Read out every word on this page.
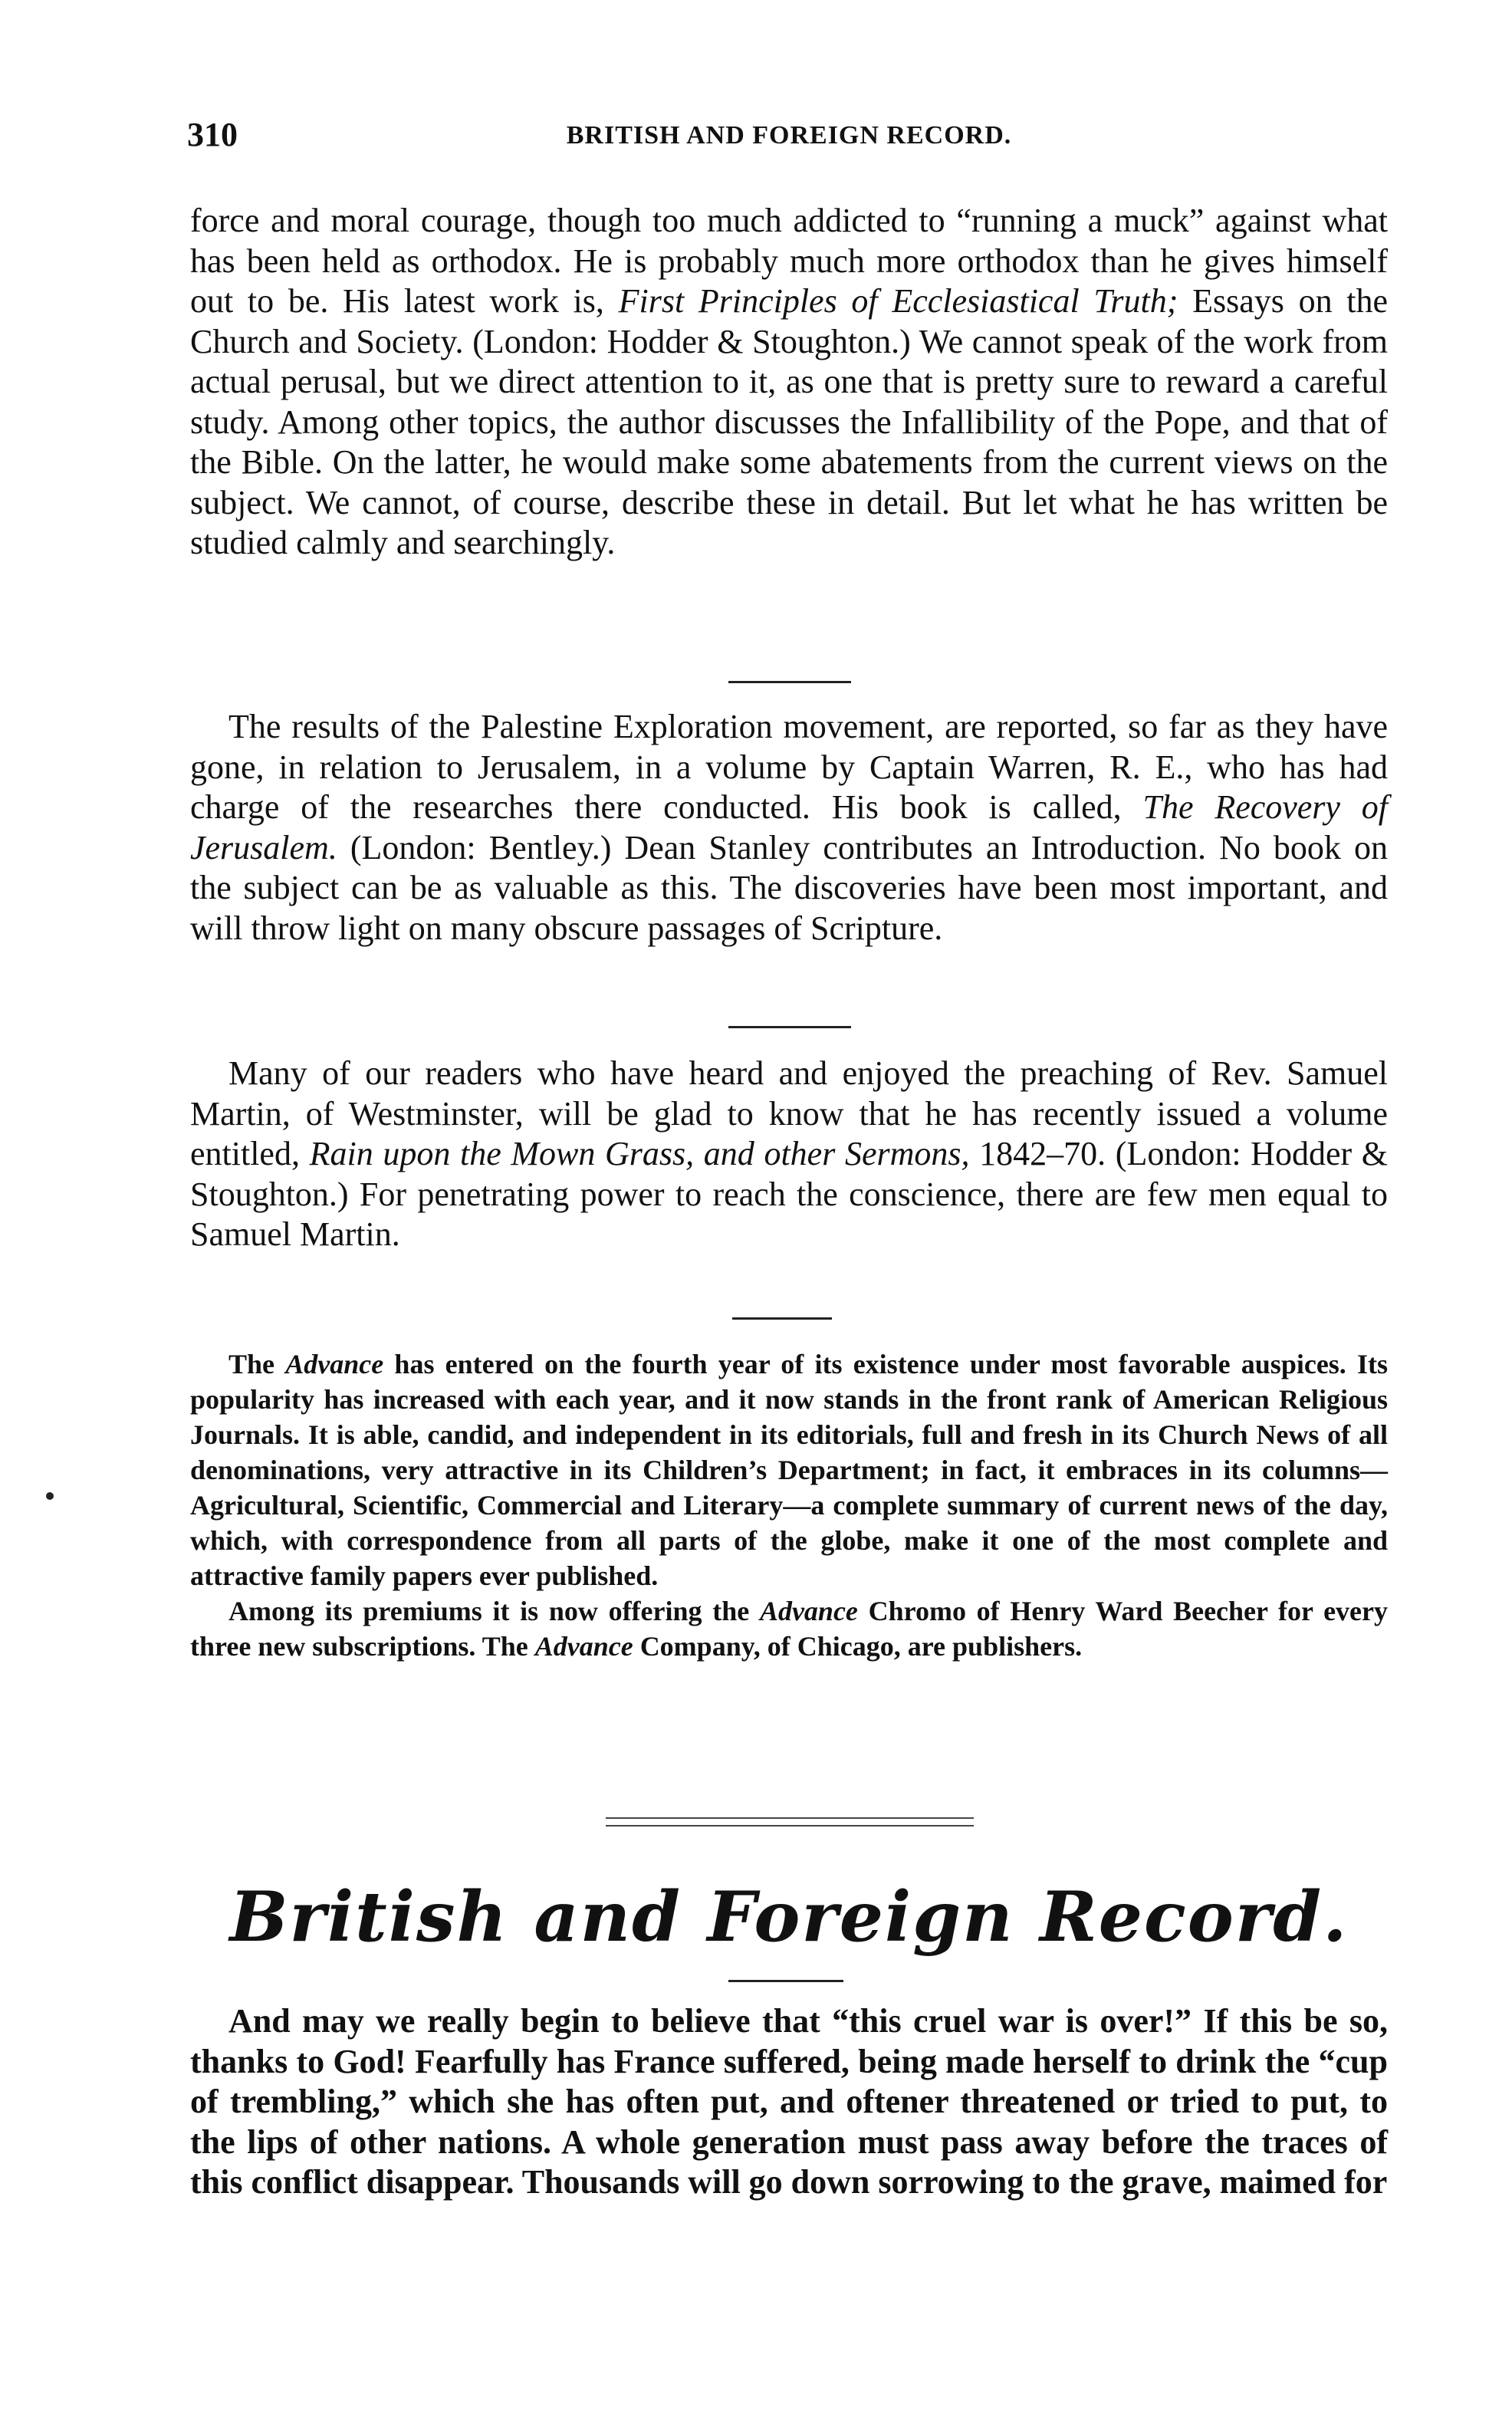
310	BRITISH AND FOREIGN RECORD.

force and moral courage, though too much addicted to “running a muck” against what has been held as orthodox. He is probably much more orthodox than he gives himself out to be. His latest work is, First Principles of Ecclesiastical Truth; Essays on the Church and Society. (London: Hodder & Stoughton.) We cannot speak of the work from actual perusal, but we direct attention to it, as one that is pretty sure to reward a careful study. Among other topics, the author discusses the Infallibility of the Pope, and that of the Bible. On the latter, he would make some abatements from the current views on the subject. We cannot, of course, describe these in detail. But let what he has written be studied calmly and searchingly.

The results of the Palestine Exploration movement, are reported, so far as they have gone, in relation to Jerusalem, in a volume by Captain Warren, R. E., who has had charge of the researches there conducted. His book is called, The Recovery of Jerusalem. (London: Bentley.) Dean Stanley contributes an Introduction. No book on the subject can be as valuable as this. The discoveries have been most important, and will throw light on many obscure passages of Scripture.

Many of our readers who have heard and enjoyed the preaching of Rev. Samuel Martin, of Westminster, will be glad to know that he has recently issued a volume entitled, Rain upon the Mown Grass, and other Sermons, 1842–70. (London: Hodder & Stoughton.) For penetrating power to reach the conscience, there are few men equal to Samuel Martin.

The Advance has entered on the fourth year of its existence under most favorable auspices. Its popularity has increased with each year, and it now stands in the front rank of American Religious Journals. It is able, candid, and independent in its editorials, full and fresh in its Church News of all denominations, very attractive in its Children’s Department; in fact, it embraces in its columns—Agricultural, Scientific, Commercial and Literary—a complete summary of current news of the day, which, with correspondence from all parts of the globe, make it one of the most complete and attractive family papers ever published.

Among its premiums it is now offering the Advance Chromo of Henry Ward Beecher for every three new subscriptions. The Advance Company, of Chicago, are publishers.

British and Foreign Record.

And may we really begin to believe that “this cruel war is over!” If this be so, thanks to God! Fearfully has France suffered, being made herself to drink the “cup of trembling,” which she has often put, and oftener threatened or tried to put, to the lips of other nations. A whole generation must pass away before the traces of this conflict disappear. Thousands will go down sorrowing to the grave, maimed for
